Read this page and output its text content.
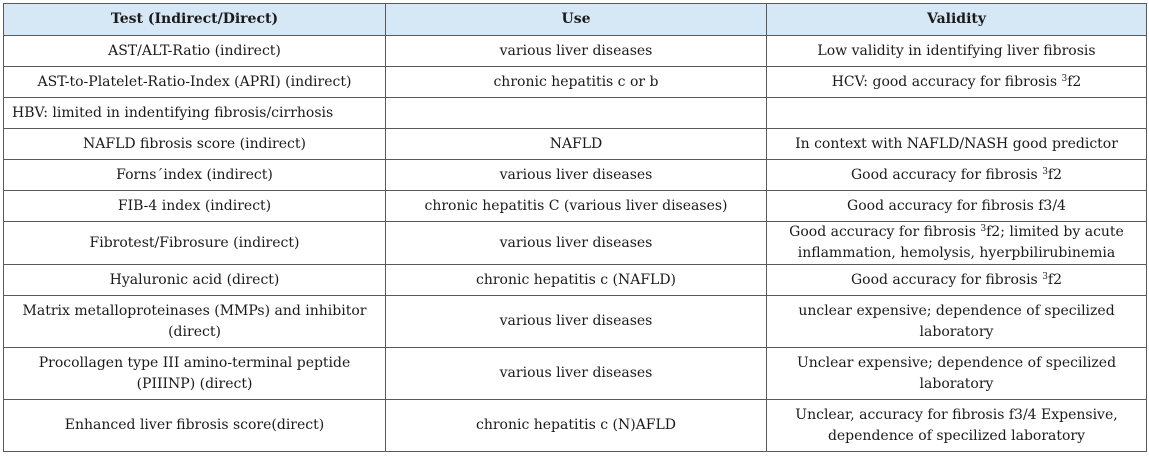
Test (Indirect/Direct)	Use	Validity
AST/ALT-Ratio (indirect)	various liver diseases	Low validity in identifying liver fibrosis
AST-to-Platelet-Ratio-Index (APRI) (indirect)	chronic hepatitis c or b	HCV: good accuracy for fibrosis $^3$f2
HBV: limited in indentifying fibrosis/cirrhosis		
NAFLD fibrosis score (indirect)	NAFLD	In context with NAFLD/NASH good predictor
Forns´index (indirect)	various liver diseases	Good accuracy for fibrosis $^3$f2
FIB-4 index (indirect)	chronic hepatitis C (various liver diseases)	Good accuracy for fibrosis f3/4
Fibrotest/Fibrosure (indirect)	various liver diseases	Good accuracy for fibrosis $^3$f2; limited by acute inflammation, hemolysis, hyerpbilirubinemia
Hyaluronic acid (direct)	chronic hepatitis c (NAFLD)	Good accuracy for fibrosis $^3$f2
Matrix metalloproteinases (MMPs) and inhibitor (direct)	various liver diseases	unclear expensive; dependence of specilized laboratory
Procollagen type III amino-terminal peptide (PIIINP) (direct)	various liver diseases	Unclear expensive; dependence of specilized laboratory
Enhanced liver fibrosis score(direct)	chronic hepatitis c (N)AFLD	Unclear, accuracy for fibrosis f3/4 Expensive, dependence of specilized laboratory
